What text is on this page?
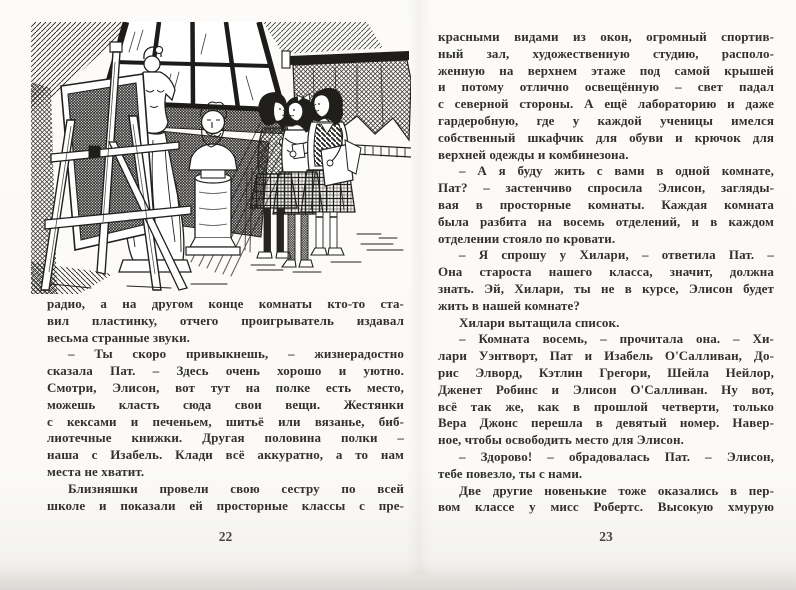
радио, а на другом конце комнаты кто-то ста-
вил пластинку, отчего проигрыватель издавал
весьма странные звуки.
– Ты скоро привыкнешь, – жизнерадостно
сказала Пат. – Здесь очень хорошо и уютно.
Смотри, Элисон, вот тут на полке есть место,
можешь класть сюда свои вещи. Жестянки
с кексами и печеньем, шитьё или вязанье, биб-
лиотечные книжки. Другая половина полки –
наша с Изабель. Клади всё аккуратно, а то нам
места не хватит.
Близняшки провели свою сестру по всей
школе и показали ей просторные классы с пре-
22
красными видами из окон, огромный спортив-
ный зал, художественную студию, располо-
женную на верхнем этаже под самой крышей
и потому отлично освещённую – свет падал
с северной стороны. А ещё лабораторию и даже
гардеробную, где у каждой ученицы имелся
собственный шкафчик для обуви и крючок для
верхней одежды и комбинезона.
– А я буду жить с вами в одной комнате,
Пат? – застенчиво спросила Элисон, загляды-
вая в просторные комнаты. Каждая комната
была разбита на восемь отделений, и в каждом
отделении стояло по кровати.
– Я спрошу у Хилари, – ответила Пат. –
Она староста нашего класса, значит, должна
знать. Эй, Хилари, ты не в курсе, Элисон будет
жить в нашей комнате?
Хилари вытащила список.
– Комната восемь, – прочитала она. – Хи-
лари Уэнтворт, Пат и Изабель О'Салливан, До-
рис Элворд, Кэтлин Грегори, Шейла Нейлор,
Дженет Робинс и Элисон О'Салливан. Ну вот,
всё так же, как в прошлой четверти, только
Вера Джонс перешла в девятый номер. Навер-
ное, чтобы освободить место для Элисон.
– Здорово! – обрадовалась Пат. – Элисон,
тебе повезло, ты с нами.
Две другие новенькие тоже оказались в пер-
вом классе у мисс Робертс. Высокую хмурую
23
